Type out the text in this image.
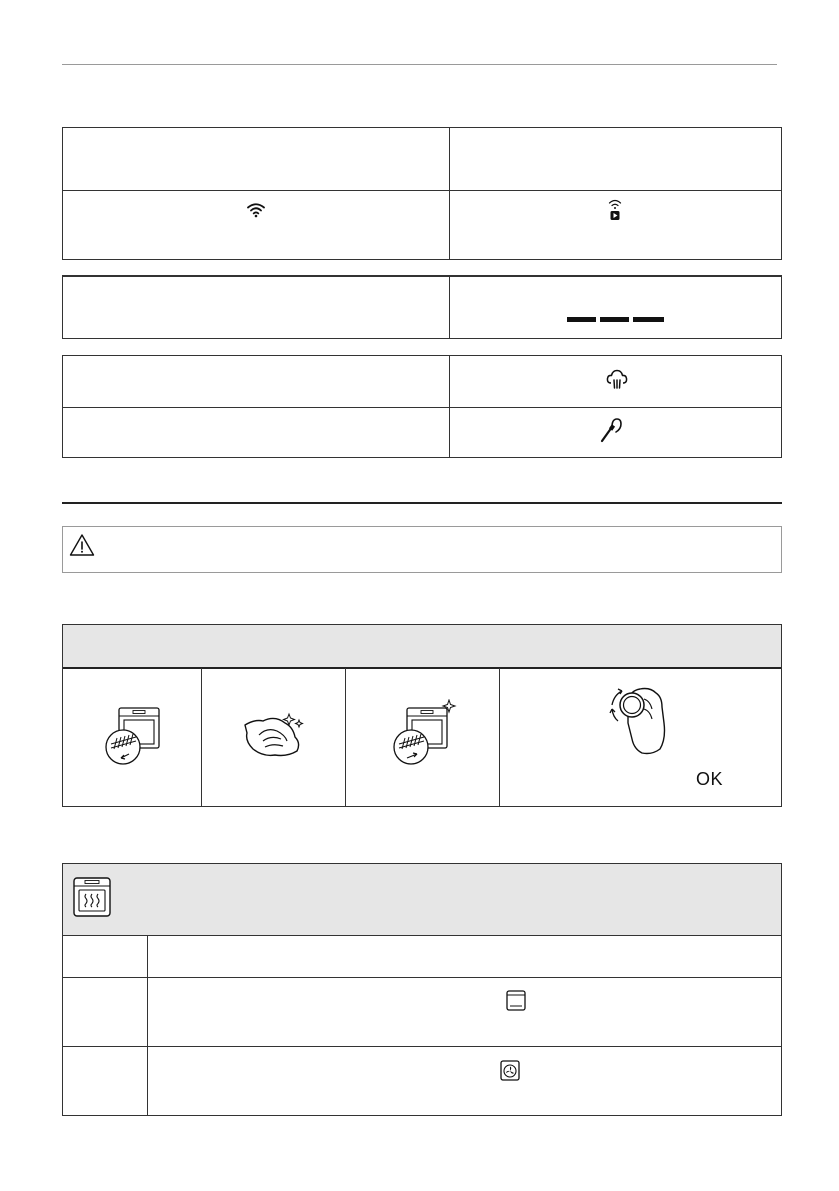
OK
